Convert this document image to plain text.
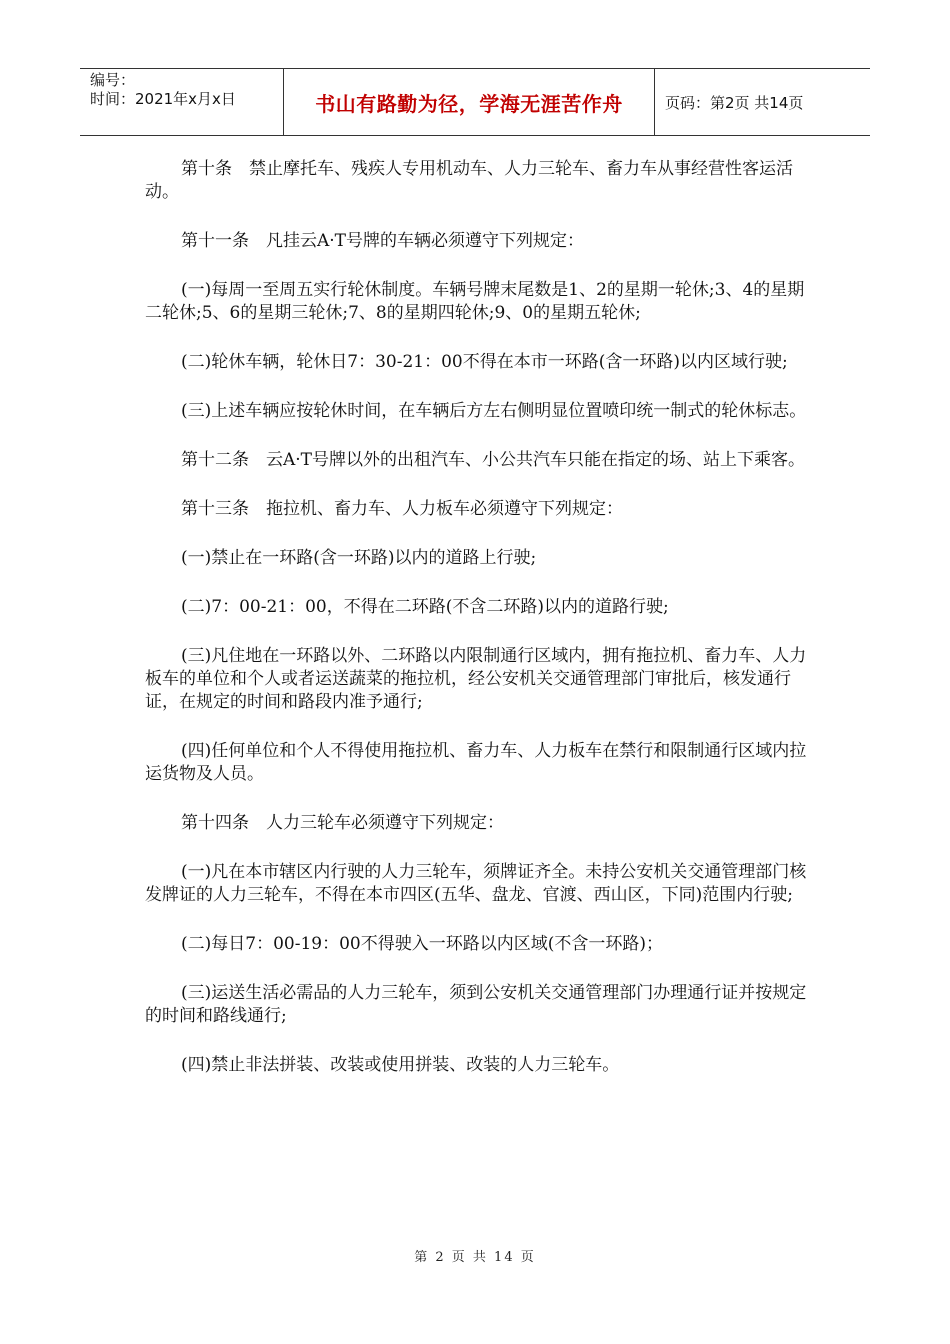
编号：
时间：2021年x月x日	书山有路勤为径，学海无涯苦作舟	页码：第2页 共14页

第十条　禁止摩托车、残疾人专用机动车、人力三轮车、畜力车从事经营性客运活动。

第十一条　凡挂云A·T号牌的车辆必须遵守下列规定：

(一)每周一至周五实行轮休制度。车辆号牌末尾数是1、2的星期一轮休;3、4的星期二轮休;5、6的星期三轮休;7、8的星期四轮休;9、0的星期五轮休;

(二)轮休车辆，轮休日7：30-21：00不得在本市一环路(含一环路)以内区域行驶;

(三)上述车辆应按轮休时间，在车辆后方左右侧明显位置喷印统一制式的轮休标志。

第十二条　云A·T号牌以外的出租汽车、小公共汽车只能在指定的场、站上下乘客。

第十三条　拖拉机、畜力车、人力板车必须遵守下列规定：

(一)禁止在一环路(含一环路)以内的道路上行驶;

(二)7：00-21：00，不得在二环路(不含二环路)以内的道路行驶;

(三)凡住地在一环路以外、二环路以内限制通行区域内，拥有拖拉机、畜力车、人力板车的单位和个人或者运送蔬菜的拖拉机，经公安机关交通管理部门审批后，核发通行证，在规定的时间和路段内准予通行;

(四)任何单位和个人不得使用拖拉机、畜力车、人力板车在禁行和限制通行区域内拉运货物及人员。

第十四条　人力三轮车必须遵守下列规定：

(一)凡在本市辖区内行驶的人力三轮车，须牌证齐全。未持公安机关交通管理部门核发牌证的人力三轮车，不得在本市四区(五华、盘龙、官渡、西山区，下同)范围内行驶;

(二)每日7：00-19：00不得驶入一环路以内区域(不含一环路)；

(三)运送生活必需品的人力三轮车，须到公安机关交通管理部门办理通行证并按规定的时间和路线通行;

(四)禁止非法拼装、改装或使用拼装、改装的人力三轮车。

第 2 页 共 14 页
